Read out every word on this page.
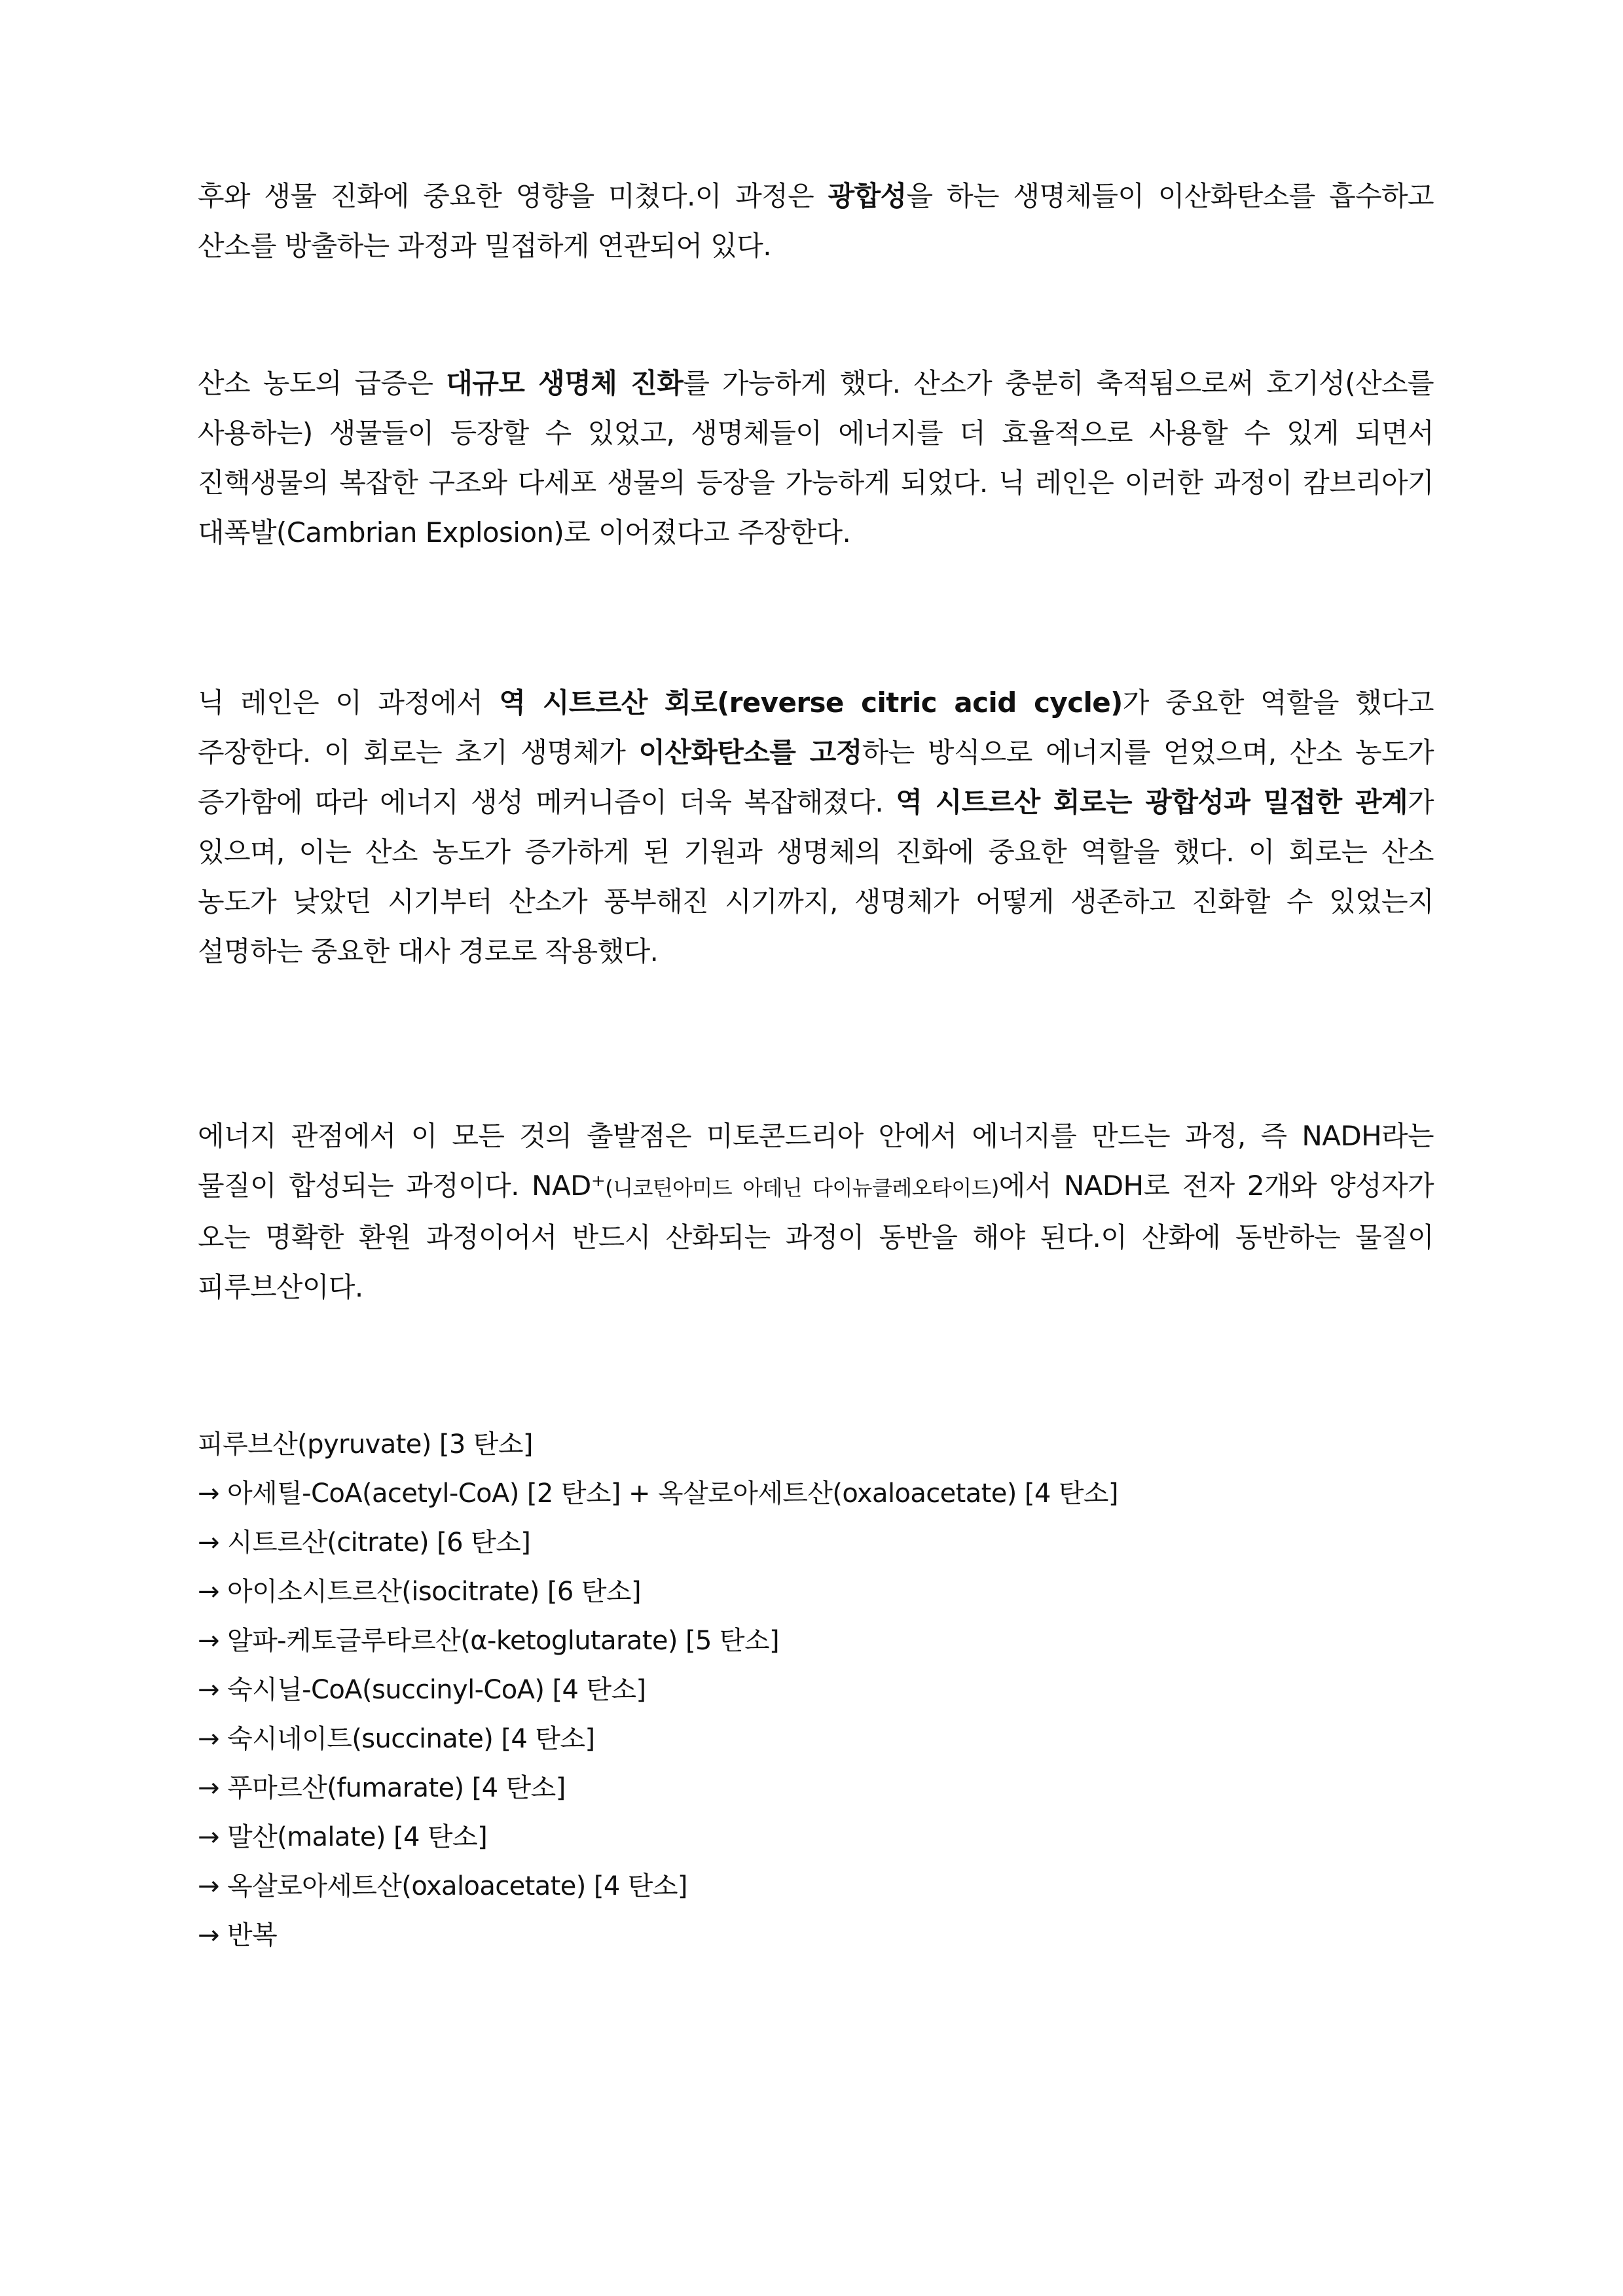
후와 생물 진화에 중요한 영향을 미쳤다.이 과정은 광합성을 하는 생명체들이 이산화탄소를 흡수하고 산소를 방출하는 과정과 밀접하게 연관되어 있다.

산소 농도의 급증은 대규모 생명체 진화를 가능하게 했다. 산소가 충분히 축적됨으로써 호기성(산소를 사용하는) 생물들이 등장할 수 있었고, 생명체들이 에너지를 더 효율적으로 사용할 수 있게 되면서 진핵생물의 복잡한 구조와 다세포 생물의 등장을 가능하게 되었다. 닉 레인은 이러한 과정이 캄브리아기 대폭발(Cambrian Explosion)로 이어졌다고 주장한다.

닉 레인은 이 과정에서 역 시트르산 회로(reverse citric acid cycle)가 중요한 역할을 했다고 주장한다. 이 회로는 초기 생명체가 이산화탄소를 고정하는 방식으로 에너지를 얻었으며, 산소 농도가 증가함에 따라 에너지 생성 메커니즘이 더욱 복잡해졌다. 역 시트르산 회로는 광합성과 밀접한 관계가 있으며, 이는 산소 농도가 증가하게 된 기원과 생명체의 진화에 중요한 역할을 했다. 이 회로는 산소 농도가 낮았던 시기부터 산소가 풍부해진 시기까지, 생명체가 어떻게 생존하고 진화할 수 있었는지 설명하는 중요한 대사 경로로 작용했다.

에너지 관점에서 이 모든 것의 출발점은 미토콘드리아 안에서 에너지를 만드는 과정, 즉 NADH라는 물질이 합성되는 과정이다. NAD⁺(니코틴아미드 아데닌 다이뉴클레오타이드)에서 NADH로 전자 2개와 양성자가 오는 명확한 환원 과정이어서 반드시 산화되는 과정이 동반을 해야 된다.이 산화에 동반하는 물질이 피루브산이다.

피루브산(pyruvate) [3 탄소]
→ 아세틸-CoA(acetyl-CoA) [2 탄소] + 옥살로아세트산(oxaloacetate) [4 탄소]
→ 시트르산(citrate) [6 탄소]
→ 아이소시트르산(isocitrate) [6 탄소]
→ 알파-케토글루타르산(α-ketoglutarate) [5 탄소]
→ 숙시닐-CoA(succinyl-CoA) [4 탄소]
→ 숙시네이트(succinate) [4 탄소]
→ 푸마르산(fumarate) [4 탄소]
→ 말산(malate) [4 탄소]
→ 옥살로아세트산(oxaloacetate) [4 탄소]
→ 반복
